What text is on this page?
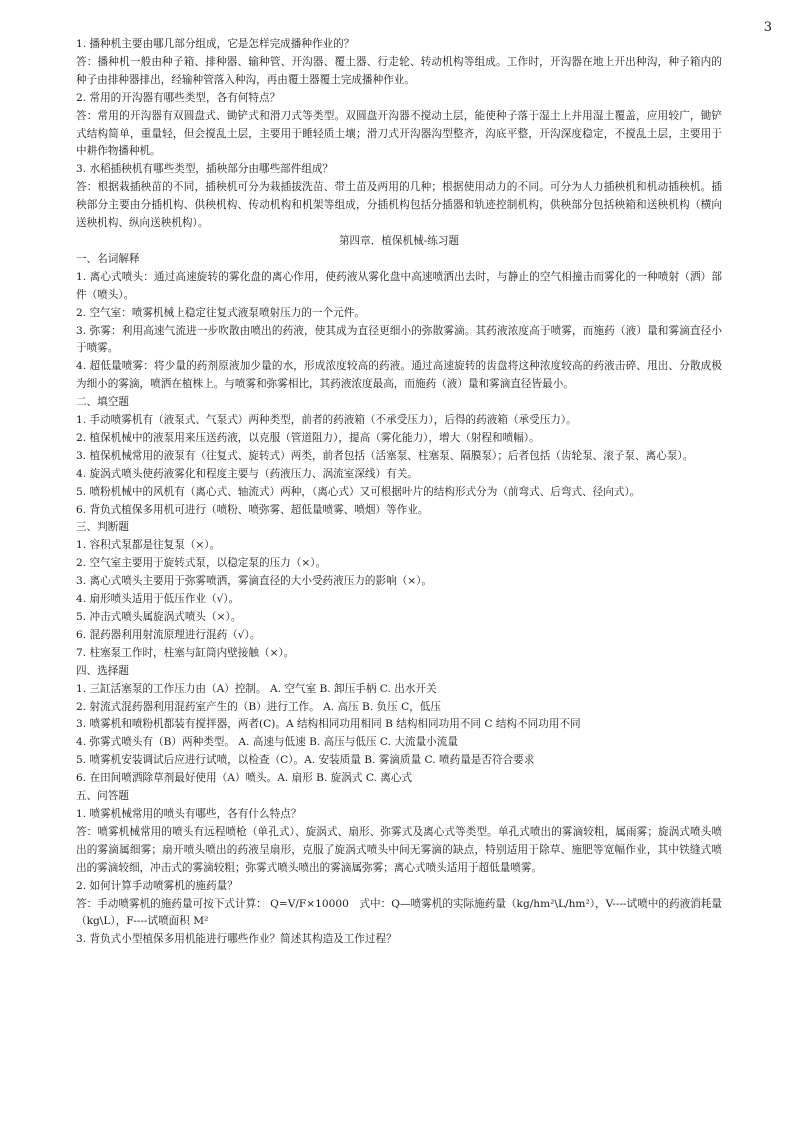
3
1. 播种机主要由哪几部分组成，它是怎样完成播种作业的？
答：播种机一般由种子箱、排种器、输种管、开沟器、覆土器、行走轮、转动机构等组成。工作时，开沟器在地上开出种沟，种子箱内的种子由排种器排出，经输种管落入种沟，再由覆土器覆土完成播种作业。
2. 常用的开沟器有哪些类型，各有何特点？
答：常用的开沟器有双圆盘式、锄铲式和滑刀式等类型。双圆盘开沟器不搅动土层，能使种子落于湿土上并用湿土覆盖，应用较广，锄铲式结构简单，重量轻，但会搅乱土层，主要用于睡轻质土壤；滑刀式开沟器沟型整齐，沟底平整，开沟深度稳定，不搅乱土层，主要用于中耕作物播种机。
3. 水稻插秧机有哪些类型，插秧部分由哪些部件组成？
答：根据栽插秧苗的不同，插秧机可分为栽插拔洗苗、带土苗及两用的几种；根据使用动力的不同。可分为人力插秧机和机动插秧机。插秧部分主要由分插机构、供秧机构、传动机构和机架等组成，分插机构包括分插器和轨迹控制机构，供秧部分包括秧箱和送秧机构（横向送秧机构、纵向送秧机构）。
第四章．植保机械-练习题
一、名词解释
1. 离心式喷头：通过高速旋转的雾化盘的离心作用，使药液从雾化盘中高速喷洒出去时，与静止的空气相撞击而雾化的一种喷射（洒）部件（喷头）。
2. 空气室：喷雾机械上稳定往复式液泵喷射压力的一个元件。
3. 弥雾：利用高速气流进一步吹散由喷出的药液，使其成为直径更细小的弥散雾滴。其药液浓度高于喷雾，而施药（液）量和雾滴直径小于喷雾。
4. 超低量喷雾：将少量的药剂原液加少量的水，形成浓度较高的药液。通过高速旋转的齿盘将这种浓度较高的药液击碎、甩出、分散成极为细小的雾滴，喷洒在植株上。与喷雾和弥雾相比，其药液浓度最高，而施药（液）量和雾滴直径皆最小。
二、填空题
1. 手动喷雾机有（液泵式、气泵式）两种类型，前者的药液箱（不承受压力），后得的药液箱（承受压力）。
2. 植保机械中的液泵用来压送药液，以克服（管道阻力），提高（雾化能力），增大（射程和喷幅）。
3. 植保机械常用的液泵有（往复式、旋转式）两类，前者包括（活塞泵、柱塞泵、隔膜泵）；后者包括（齿轮泵、滚子泵、离心泵）。
4. 旋涡式喷头使药液雾化和程度主要与（药液压力、涡流室深线）有关。
5. 喷粉机械中的风机有（离心式、轴流式）两种，（离心式）又可根据叶片的结构形式分为（前弯式、后弯式、径向式）。
6. 背负式植保多用机可进行（喷粉、喷弥雾、超低量喷雾、喷烟）等作业。
三、判断题
1. 容积式泵都是往复泵（×）。
2. 空气室主要用于旋转式泵，以稳定泵的压力（×）。
3. 离心式喷头主要用于弥雾喷洒，雾滴直径的大小受药液压力的影响（×）。
4. 扇形喷头适用于低压作业（√）。
5. 冲击式喷头属旋涡式喷头（×）。
6. 混药器利用射流原理进行混药（√）。
7. 柱塞泵工作时，柱塞与缸筒内壁接触（×）。
四、选择题
1. 三缸活塞泵的工作压力由（A）控制。 A. 空气室 B. 卸压手柄 C. 出水开关
2. 射流式混药器利用混药室产生的（B）进行工作。 A. 高压 B. 负压 C，低压
3. 喷雾机和喷粉机都装有搅拌器，两者(C)。A 结构相同功用相同 B 结构相同功用不同 C 结构不同功用不同
4. 弥雾式喷头有（B）两种类型。 A. 高速与低速 B. 高压与低压 C. 大流量小流量
5. 喷雾机安装调试后应进行试喷，以检查（C）。A. 安装质量 B. 雾滴质量 C. 喷药量是否符合要求
6. 在田间喷洒除草剂最好使用（A）喷头。A. 扇形 B. 旋涡式 C. 离心式
五、问答题
1. 喷雾机械常用的喷头有哪些，各有什么特点？
答：喷雾机械常用的喷头有远程喷枪（单孔式）、旋涡式、扇形、弥雾式及离心式等类型。单孔式喷出的雾滴较粗，属雨雾；旋涡式喷头喷出的雾滴属细雾；扇开喷头喷出的药液呈扇形，克服了旋涡式喷头中间无雾滴的缺点，特别适用于除草、施肥等宽幅作业，其中铁缝式喷出的雾滴较细，冲击式的雾滴较粗；弥雾式喷头喷出的雾滴属弥雾；离心式喷头适用于超低量喷雾。
2. 如何计算手动喷雾机的施药量？
答：手动喷雾机的施药量可按下式计算： Q=V/F×10000　式中：Q—喷雾机的实际施药量（kg/hm²\L/hm²），V----试喷中的药液消耗量（kg\L），F----试喷面积 M²
3. 背负式小型植保多用机能进行哪些作业？简述其构造及工作过程？
